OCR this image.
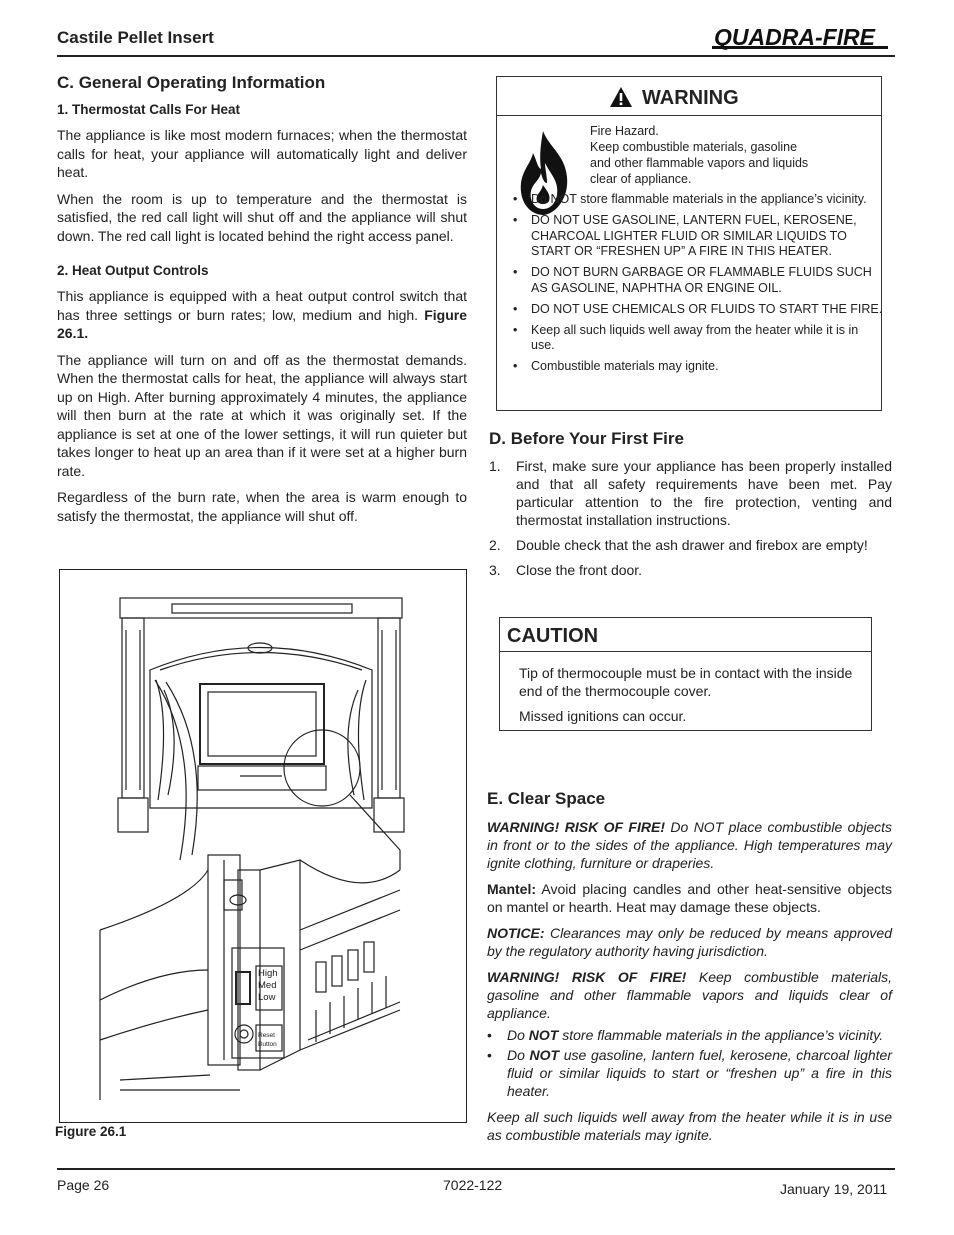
Castile Pellet Insert	QUADRA-FIRE
C. General Operating Information
1. Thermostat Calls For Heat

The appliance is like most modern furnaces; when the thermostat calls for heat, your appliance will automatically light and deliver heat.

When the room is up to temperature and the thermostat is satisfied, the red call light will shut off and the appliance will shut down. The red call light is located behind the right access panel.

2. Heat Output Controls

This appliance is equipped with a heat output control switch that has three settings or burn rates; low, medium and high. Figure 26.1.

The appliance will turn on and off as the thermostat demands. When the thermostat calls for heat, the appliance will always start up on High. After burning approximately 4 minutes, the appliance will then burn at the rate at which it was originally set. If the appliance is set at one of the lower settings, it will run quieter but takes longer to heat up an area than if it were set at a higher burn rate.

Regardless of the burn rate, when the area is warm enough to satisfy the thermostat, the appliance will shut off.

WARNING
Fire Hazard.
Keep combustible materials, gasoline
and other flammable vapors and liquids
clear of appliance.
• Do NOT store flammable materials in the appliance’s vicinity.
• DO NOT USE GASOLINE, LANTERN FUEL, KEROSENE, CHARCOAL LIGHTER FLUID OR SIMILAR LIQUIDS TO START OR “FRESHEN UP” A FIRE IN THIS HEATER.
• DO NOT BURN GARBAGE OR FLAMMABLE FLUIDS SUCH AS GASOLINE, NAPHTHA OR ENGINE OIL.
• DO NOT USE CHEMICALS OR FLUIDS TO START THE FIRE.
• Keep all such liquids well away from the heater while it is in use.
• Combustible materials may ignite.
D. Before Your First Fire
1. First, make sure your appliance has been properly installed and that all safety requirements have been met. Pay particular attention to the fire protection, venting and thermostat installation instructions.
2. Double check that the ash drawer and firebox are empty!
3. Close the front door.
CAUTION

Tip of thermocouple must be in contact with the inside end of the thermocouple cover.

Missed ignitions can occur.

E. Clear Space

WARNING! RISK OF FIRE! Do NOT place combustible objects in front or to the sides of the appliance. High temperatures may ignite clothing, furniture or draperies.

Mantel: Avoid placing candles and other heat-sensitive objects on mantel or hearth. Heat may damage these objects.

NOTICE: Clearances may only be reduced by means approved by the regulatory authority having jurisdiction.

WARNING! RISK OF FIRE! Keep combustible materials, gasoline and other flammable vapors and liquids clear of appliance.

• Do NOT store flammable materials in the appliance’s vicinity.
• Do NOT use gasoline, lantern fuel, kerosene, charcoal lighter fluid or similar liquids to start or “freshen up” a fire in this heater.

Keep all such liquids well away from the heater while it is in use as combustible materials may ignite.

High
Med
Low
Reset
Button
Figure 26.1
Page 26	7022-122	January 19, 2011
